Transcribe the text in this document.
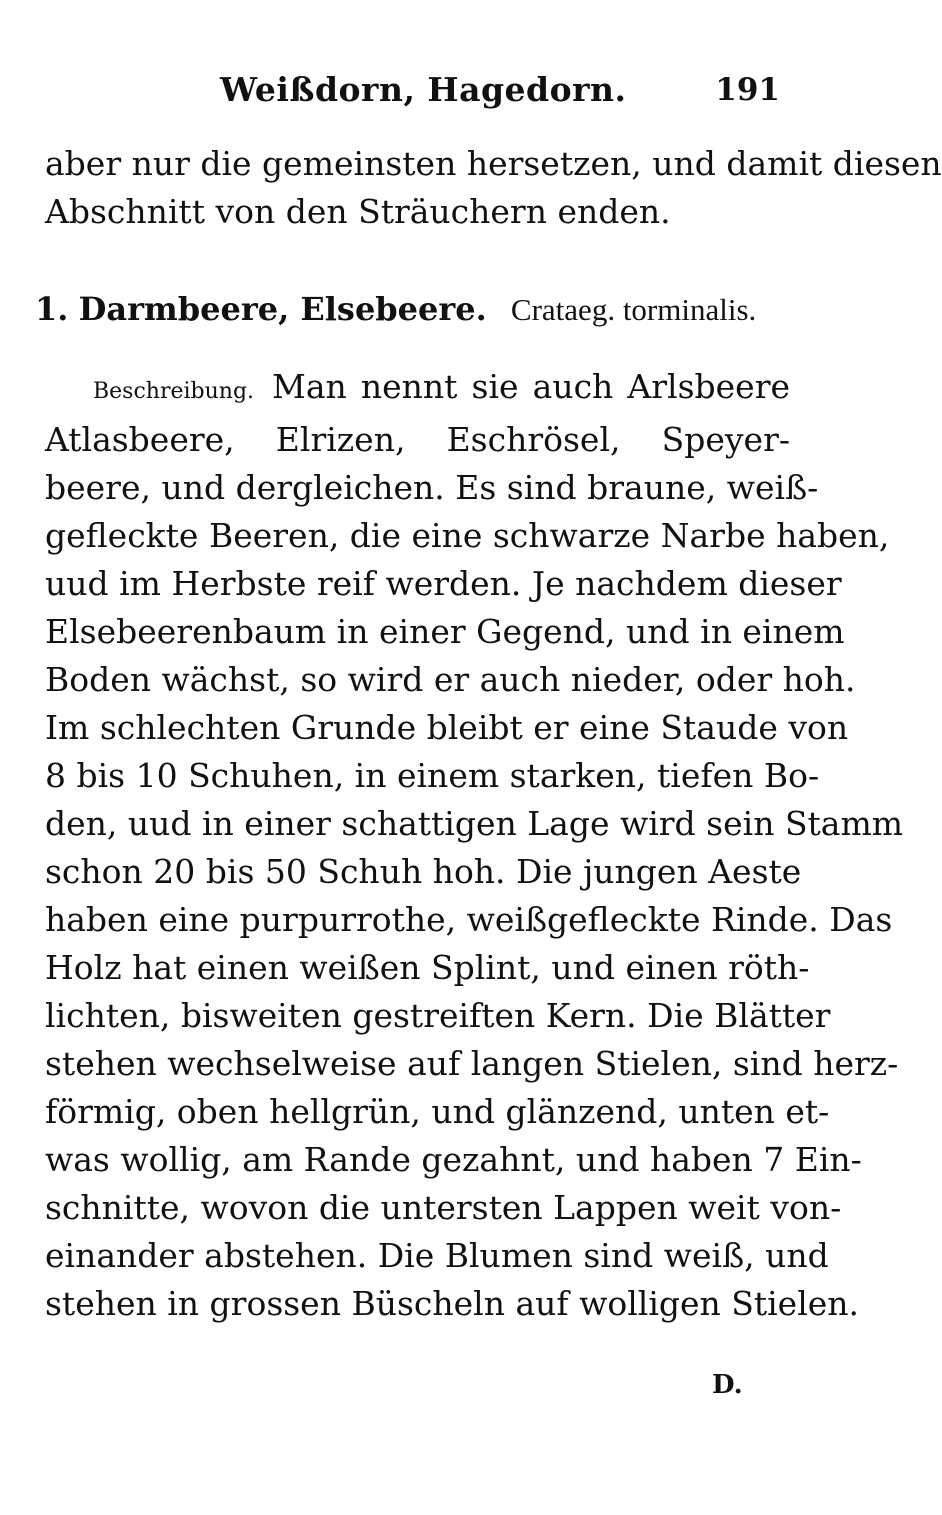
Weißdorn, Hagedorn.	191
aber nur die gemeinsten hersetzen, und damit diesen
Abschnitt von den Sträuchern enden.
1. Darmbeere, Elsebeere. Crataeg. torminalis.
Beschreibung. Man nennt sie auch Arlsbeere
Atlasbeere, Elrizen, Eschrösel, Speyer-
beere, und dergleichen. Es sind braune, weiß-
gefleckte Beeren, die eine schwarze Narbe haben,
uud im Herbste reif werden. Je nachdem dieser
Elsebeerenbaum in einer Gegend, und in einem
Boden wächst, so wird er auch nieder, oder hoh.
Im schlechten Grunde bleibt er eine Staude von
8 bis 10 Schuhen, in einem starken, tiefen Bo-
den, uud in einer schattigen Lage wird sein Stamm
schon 20 bis 50 Schuh hoh. Die jungen Aeste
haben eine purpurrothe, weißgefleckte Rinde. Das
Holz hat einen weißen Splint, und einen röth-
lichten, bisweiten gestreiften Kern. Die Blätter
stehen wechselweise auf langen Stielen, sind herz-
förmig, oben hellgrün, und glänzend, unten et-
was wollig, am Rande gezahnt, und haben 7 Ein-
schnitte, wovon die untersten Lappen weit von-
einander abstehen. Die Blumen sind weiß, und
stehen in grossen Büscheln auf wolligen Stielen.
D.
